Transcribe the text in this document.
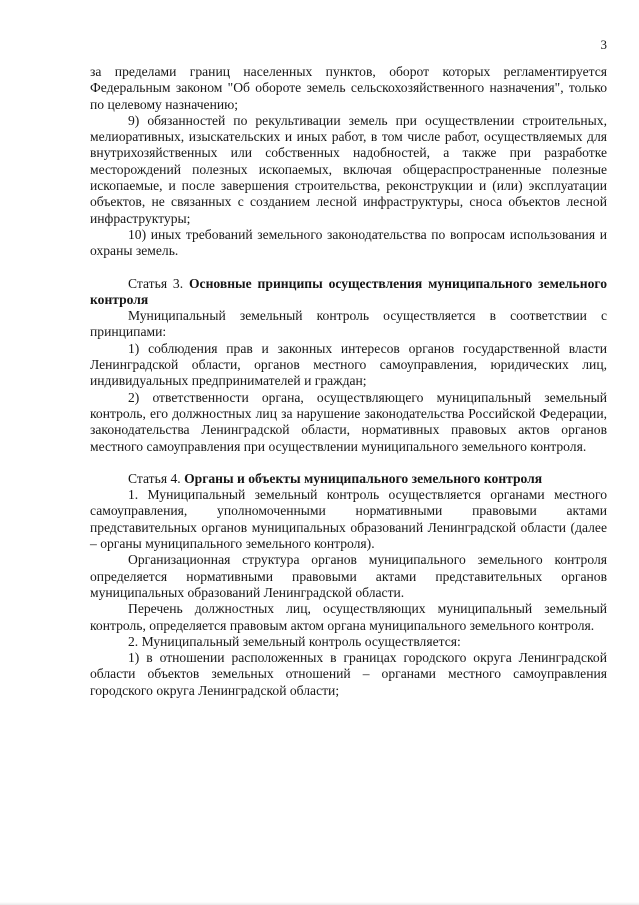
3

за пределами границ населенных пунктов, оборот которых регламентируется Федеральным законом "Об обороте земель сельскохозяйственного назначения", только по целевому назначению;

9) обязанностей по рекультивации земель при осуществлении строительных, мелиоративных, изыскательских и иных работ, в том числе работ, осуществляемых для внутрихозяйственных или собственных надобностей, а также при разработке месторождений полезных ископаемых, включая общераспространенные полезные ископаемые, и после завершения строительства, реконструкции и (или) эксплуатации объектов, не связанных с созданием лесной инфраструктуры, сноса объектов лесной инфраструктуры;

10) иных требований земельного законодательства по вопросам использования и охраны земель.

Статья 3. Основные принципы осуществления муниципального земельного контроля

Муниципальный земельный контроль осуществляется в соответствии с принципами:

1) соблюдения прав и законных интересов органов государственной власти Ленинградской области, органов местного самоуправления, юридических лиц, индивидуальных предпринимателей и граждан;

2) ответственности органа, осуществляющего муниципальный земельный контроль, его должностных лиц за нарушение законодательства Российской Федерации, законодательства Ленинградской области, нормативных правовых актов органов местного самоуправления при осуществлении муниципального земельного контроля.

Статья 4. Органы и объекты муниципального земельного контроля

1. Муниципальный земельный контроль осуществляется органами местного самоуправления, уполномоченными нормативными правовыми актами представительных органов муниципальных образований Ленинградской области (далее – органы муниципального земельного контроля).

Организационная структура органов муниципального земельного контроля определяется нормативными правовыми актами представительных органов муниципальных образований Ленинградской области.

Перечень должностных лиц, осуществляющих муниципальный земельный контроль, определяется правовым актом органа муниципального земельного контроля.

2. Муниципальный земельный контроль осуществляется:

1) в отношении расположенных в границах городского округа Ленинградской области объектов земельных отношений – органами местного самоуправления городского округа Ленинградской области;
